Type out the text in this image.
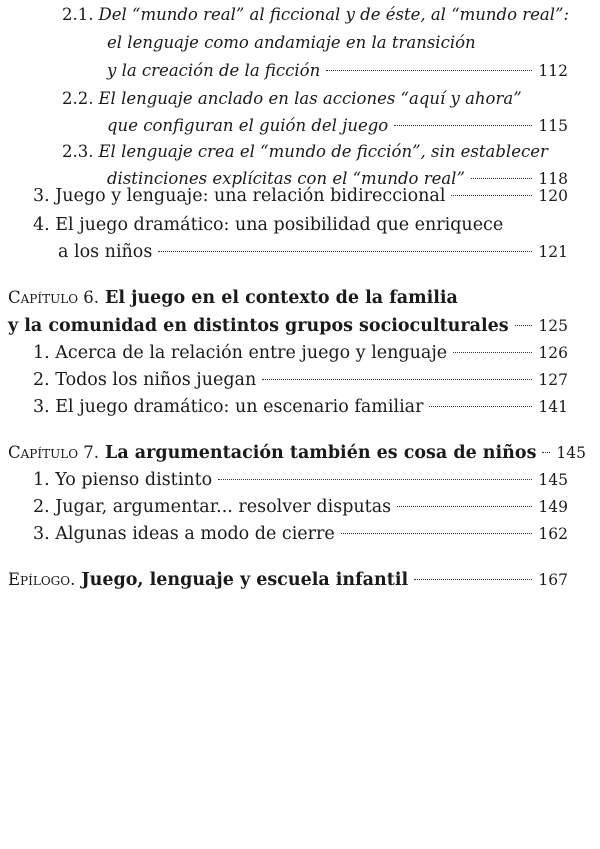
2.1. Del “mundo real” al ficcional y de éste, al “mundo real”:
el lenguaje como andamiaje en la transición
y la creación de la ficción	112
2.2. El lenguaje anclado en las acciones “aquí y ahora”
que configuran el guión del juego	115
2.3. El lenguaje crea el “mundo de ficción”, sin establecer
distinciones explícitas con el “mundo real”	118
3. Juego y lenguaje: una relación bidireccional	120
4. El juego dramático: una posibilidad que enriquece
a los niños	121
Capítulo 6. El juego en el contexto de la familia
y la comunidad en distintos grupos socioculturales 125
1. Acerca de la relación entre juego y lenguaje	126
2. Todos los niños juegan	127
3. El juego dramático: un escenario familiar	141
Capítulo 7. La argumentación también es cosa de niños 145
1. Yo pienso distinto	145
2. Jugar, argumentar... resolver disputas	149
3. Algunas ideas a modo de cierre	162
Epílogo. Juego, lenguaje y escuela infantil	167
